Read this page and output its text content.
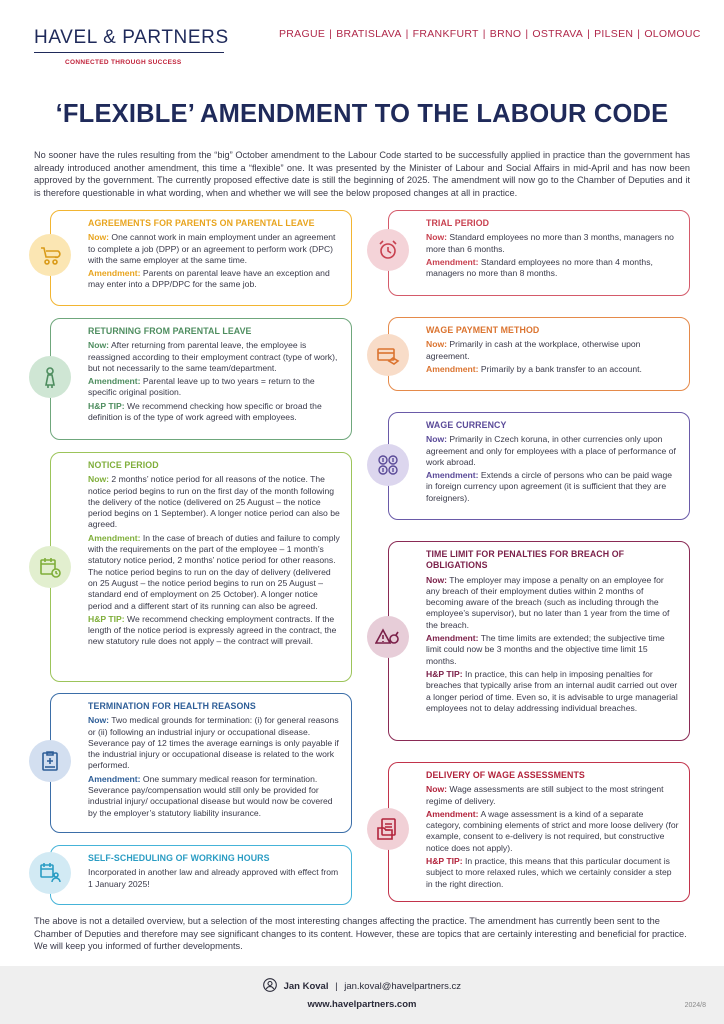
HAVEL & PARTNERS
CONNECTED THROUGH SUCCESS
PRAGUE | BRATISLAVA | FRANKFURT | BRNO | OSTRAVA | PILSEN | OLOMOUC
‘FLEXIBLE’ AMENDMENT TO THE LABOUR CODE

No sooner have the rules resulting from the “big” October amendment to the Labour Code started to be successfully applied in practice than the government has already introduced another amendment, this time a “flexible” one. It was presented by the Minister of Labour and Social Affairs in mid-April and has now been approved by the government. The currently proposed effective date is still the beginning of 2025. The amendment will now go to the Chamber of Deputies and it is therefore questionable in what wording, when and whether we will see the below proposed changes at all in practice.

AGREEMENTS FOR PARENTS ON PARENTAL LEAVE

Now: One cannot work in main employment under an agreement to complete a job (DPP) or an agreement to perform work (DPC) with the same employer at the same time.

Amendment: Parents on parental leave have an exception and may enter into a DPP/DPC for the same job.

RETURNING FROM PARENTAL LEAVE

Now: After returning from parental leave, the employee is reassigned according to their employment contract (type of work), but not necessarily to the same team/department.

Amendment: Parental leave up to two years = return to the specific original position.

H&P TIP: We recommend checking how specific or broad the definition is of the type of work agreed with employees.

NOTICE PERIOD

Now: 2 months’ notice period for all reasons of the notice. The notice period begins to run on the first day of the month following the delivery of the notice (delivered on 25 August – the notice period begins on 1 September). A longer notice period can also be agreed.

Amendment: In the case of breach of duties and failure to comply with the requirements on the part of the employee – 1 month’s statutory notice period, 2 months’ notice period for other reasons. The notice period begins to run on the day of delivery (delivered on 25 August – the notice period begins to run on 25 August – standard end of employment on 25 October). A longer notice period and a different start of its running can also be agreed.

H&P TIP: We recommend checking employment contracts. If the length of the notice period is expressly agreed in the contract, the new statutory rule does not apply – the contract will prevail.

TERMINATION FOR HEALTH REASONS

Now: Two medical grounds for termination: (i) for general reasons or (ii) following an industrial injury or occupational disease. Severance pay of 12 times the average earnings is only payable if the industrial injury or occupational disease is related to the work performed.

Amendment: One summary medical reason for termination. Severance pay/compensation would still only be provided for industrial injury/ occupational disease but would now be covered by the employer’s statutory liability insurance.

SELF-SCHEDULING OF WORKING HOURS

Incorporated in another law and already approved with effect from 1 January 2025!

TRIAL PERIOD

Now: Standard employees no more than 3 months, managers no more than 6 months.

Amendment: Standard employees no more than 4 months, managers no more than 8 months.

WAGE PAYMENT METHOD

Now: Primarily in cash at the workplace, otherwise upon agreement.

Amendment: Primarily by a bank transfer to an account.

WAGE CURRENCY

Now: Primarily in Czech koruna, in other currencies only upon agreement and only for employees with a place of performance of work abroad.

Amendment: Extends a circle of persons who can be paid wage in foreign currency upon agreement (it is sufficient that they are foreigners).

TIME LIMIT FOR PENALTIES FOR BREACH OF OBLIGATIONS

Now: The employer may impose a penalty on an employee for any breach of their employment duties within 2 months of becoming aware of the breach (such as including through the employee’s supervisor), but no later than 1 year from the time of the breach.

Amendment: The time limits are extended; the subjective time limit could now be 3 months and the objective time limit 15 months.

H&P TIP: In practice, this can help in imposing penalties for breaches that typically arise from an internal audit carried out over a longer period of time. Even so, it is advisable to urge managerial employees not to delay addressing individual breaches.

DELIVERY OF WAGE ASSESSMENTS

Now: Wage assessments are still subject to the most stringent regime of delivery.

Amendment: A wage assessment is a kind of a separate category, combining elements of strict and more loose delivery (for example, consent to e-delivery is not required, but constructive notice does not apply).

H&P TIP: In practice, this means that this particular document is subject to more relaxed rules, which we certainly consider a step in the right direction.

The above is not a detailed overview, but a selection of the most interesting changes affecting the practice. The amendment has currently been sent to the Chamber of Deputies and therefore may see significant changes to its content. However, these are topics that are certainly interesting and beneficial for practice. We will keep you informed of further developments.

Jan Koval | jan.koval@havelpartners.cz
www.havelpartners.com	2024/8
